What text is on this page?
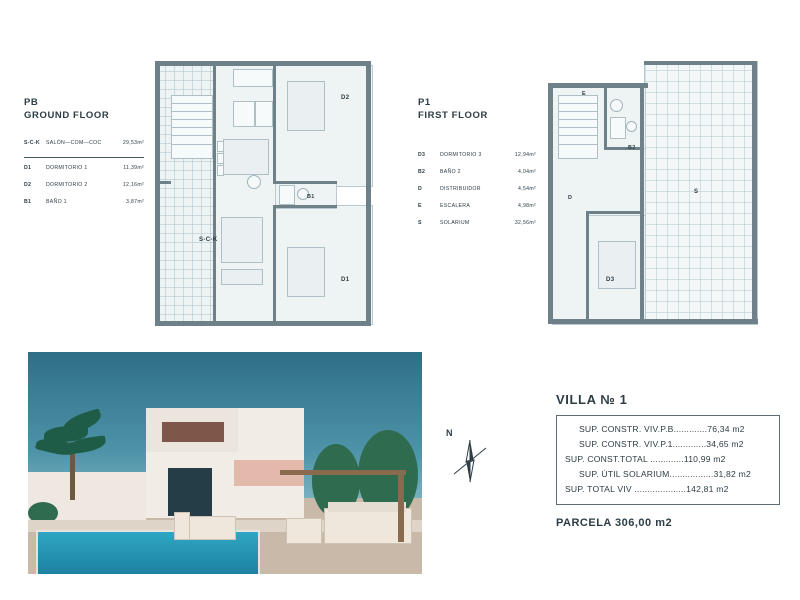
PB
GROUND FLOOR
S-C-K	SALÓN—COM—COC	29,53m²
D1	DORMITORIO 1	11,39m²
D2	DORMITORIO 2	12,16m²
B1	BAÑO 1	3,87m²
D2
D1
B1
S-C-K
P1
FIRST FLOOR
D3	DORMITORIO 3	12,94m²
B2	BAÑO 2	4,04m²
D	DISTRIBUIDOR	4,54m²
E	ESCALERA	4,98m²
S	SOLARIUM	32,56m²
E
B2
D
D3
S
N
VILLA № 1
SUP. CONSTR. VIV.P.B.............76,34 m2
SUP. CONSTR. VIV.P.1.............34,65 m2
SUP. CONST.TOTAL .............110,99 m2
SUP. ÚTIL SOLARIUM.................31,82 m2
SUP. TOTAL VIV ....................142,81 m2
PARCELA 306,00 m2
